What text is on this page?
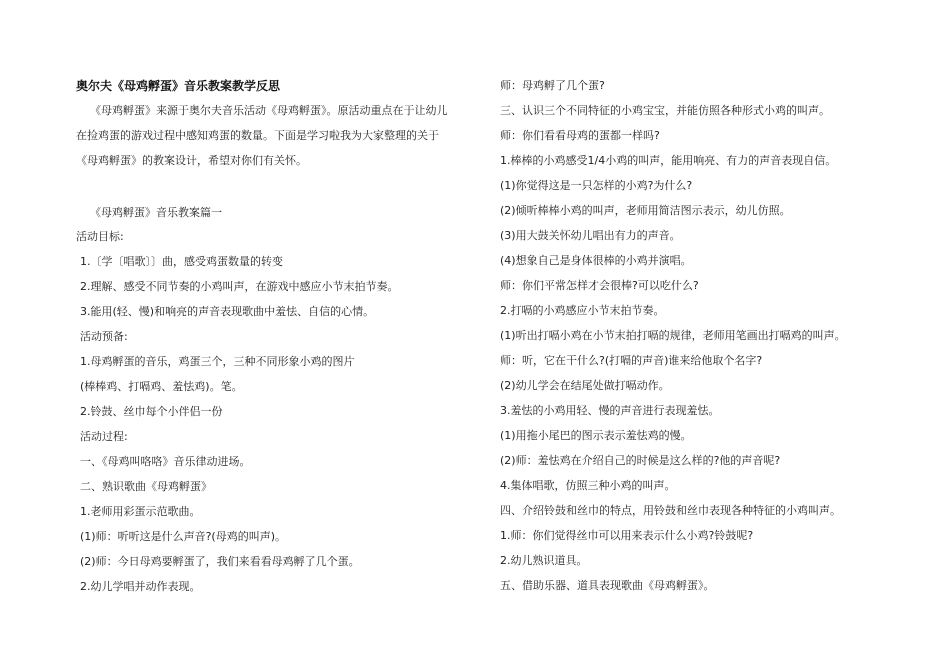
奥尔夫《母鸡孵蛋》音乐教案教学反思
《母鸡孵蛋》来源于奥尔夫音乐活动《母鸡孵蛋》。原活动重点在于让幼儿
在捡鸡蛋的游戏过程中感知鸡蛋的数量。下面是学习啦我为大家整理的关于
《母鸡孵蛋》的教案设计，希望对你们有关怀。
《母鸡孵蛋》音乐教案篇一
活动目标:
1.〔学〔唱歌〕〕曲，感受鸡蛋数量的转变
2.理解、感受不同节奏的小鸡叫声，在游戏中感应小节末拍节奏。
3.能用(轻、慢)和响亮的声音表现歌曲中羞怯、自信的心情。
活动预备:
1.母鸡孵蛋的音乐，鸡蛋三个，三种不同形象小鸡的图片
(棒棒鸡、打嗝鸡、羞怯鸡)。笔。
2.铃鼓、丝巾每个小伴侣一份
活动过程:
一、《母鸡叫咯咯》音乐律动进场。
二、熟识歌曲《母鸡孵蛋》
1.老师用彩蛋示范歌曲。
(1)师：听听这是什么声音?(母鸡的叫声)。
(2)师：今日母鸡要孵蛋了，我们来看看母鸡孵了几个蛋。
2.幼儿学唱并动作表现。
师：母鸡孵了几个蛋?
三、认识三个不同特征的小鸡宝宝，并能仿照各种形式小鸡的叫声。
师：你们看看母鸡的蛋都一样吗?
1.棒棒的小鸡感受1/4小鸡的叫声，能用响亮、有力的声音表现自信。
(1)你觉得这是一只怎样的小鸡?为什么?
(2)倾听棒棒小鸡的叫声，老师用简洁图示表示，幼儿仿照。
(3)用大鼓关怀幼儿唱出有力的声音。
(4)想象自己是身体很棒的小鸡并演唱。
师：你们平常怎样才会很棒?可以吃什么?
2.打嗝的小鸡感应小节末拍节奏。
(1)听出打嗝小鸡在小节末拍打嗝的规律，老师用笔画出打嗝鸡的叫声。
师：听，它在干什么?(打嗝的声音)谁来给他取个名字?
(2)幼儿学会在结尾处做打嗝动作。
3.羞怯的小鸡用轻、慢的声音进行表现羞怯。
(1)用拖小尾巴的图示表示羞怯鸡的慢。
(2)师：羞怯鸡在介绍自己的时候是这么样的?他的声音呢?
4.集体唱歌，仿照三种小鸡的叫声。
四、介绍铃鼓和丝巾的特点，用铃鼓和丝巾表现各种特征的小鸡叫声。
1.师：你们觉得丝巾可以用来表示什么小鸡?铃鼓呢?
2.幼儿熟识道具。
五、借助乐器、道具表现歌曲《母鸡孵蛋》。
